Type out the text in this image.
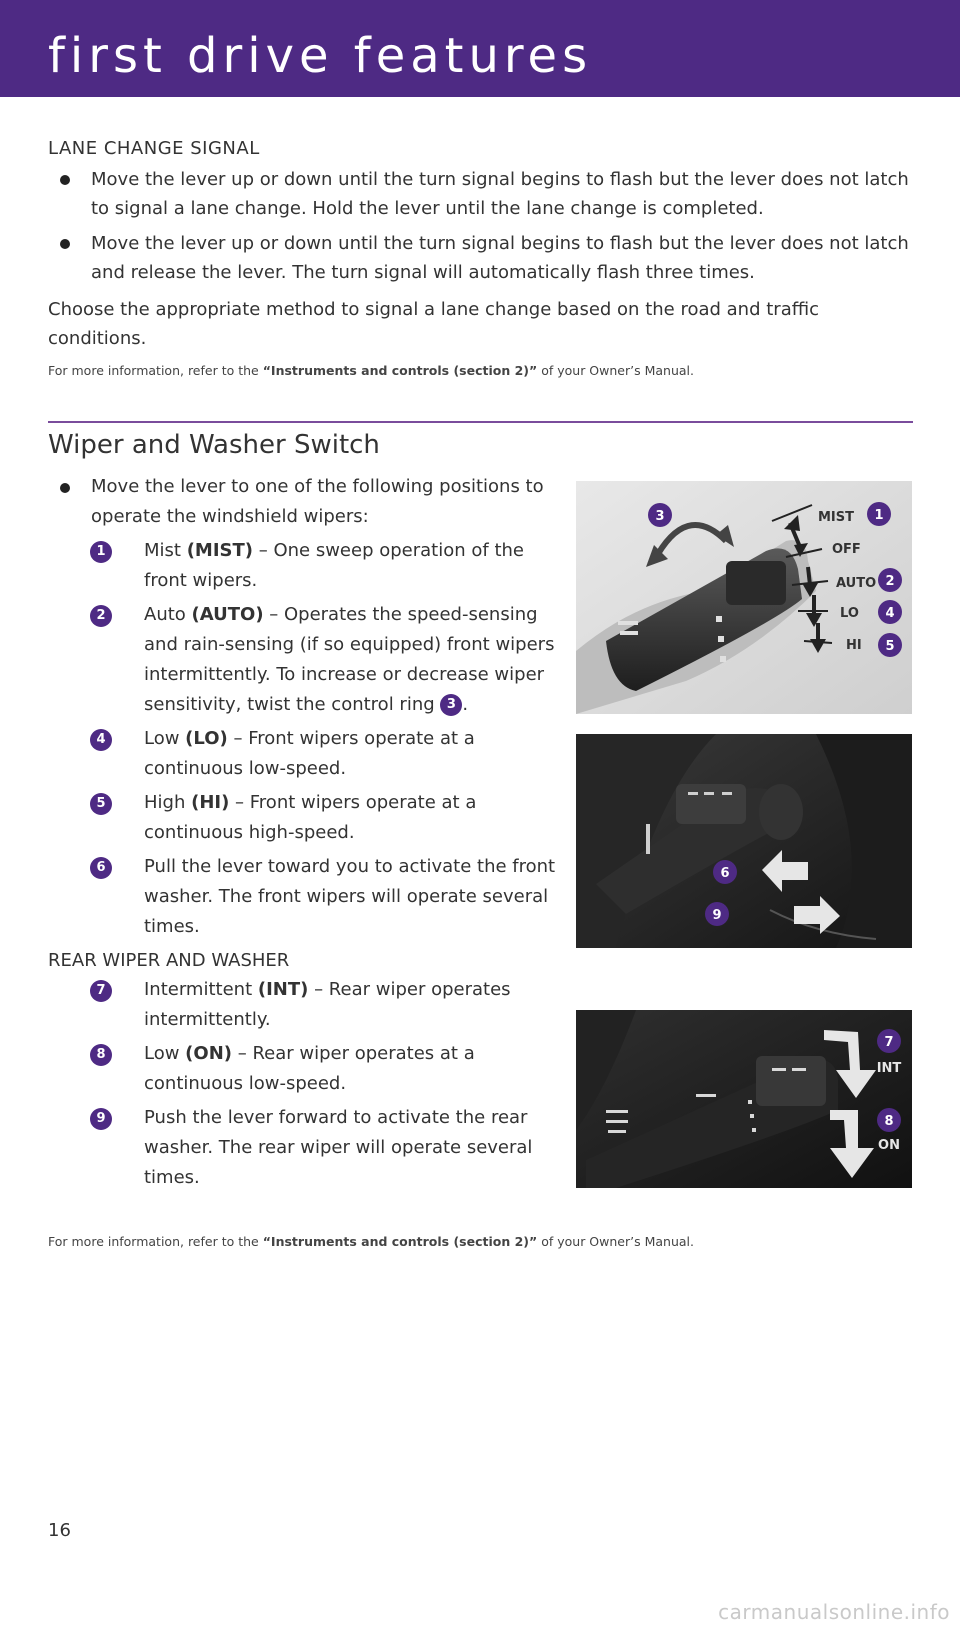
first drive features
LANE CHANGE SIGNAL
Move the lever up or down until the turn signal begins to flash but the lever does not latch to signal a lane change. Hold the lever until the lane change is completed.
Move the lever up or down until the turn signal begins to flash but the lever does not latch and release the lever. The turn signal will automatically flash three times.
Choose the appropriate method to signal a lane change based on the road and traffic conditions.
For more information, refer to the “Instruments and controls (section 2)” of your Owner’s Manual.
Wiper and Washer Switch
Move the lever to one of the following positions to operate the windshield wipers:
1	Mist (MIST) – One sweep operation of the front wipers.
2	Auto (AUTO) – Operates the speed-sensing and rain-sensing (if so equipped) front wipers intermittently. To increase or decrease wiper sensitivity, twist the control ring 3 .
4	Low (LO) – Front wipers operate at a continuous low-speed.
5	High (HI) – Front wipers operate at a continuous high-speed.
6	Pull the lever toward you to activate the front washer. The front wipers will operate several times.
REAR WIPER AND WASHER
7	Intermittent (INT) – Rear wiper operates intermittently.
8	Low (ON) – Rear wiper operates at a continuous low-speed.
9	Push the lever forward to activate the rear washer. The rear wiper will operate several times.
MIST
OFF
AUTO
LO
HI
3	1
2
4
5
6
9
7
INT
8
ON
For more information, refer to the “Instruments and controls (section 2)” of your Owner’s Manual.
16
carmanualsonline.info
